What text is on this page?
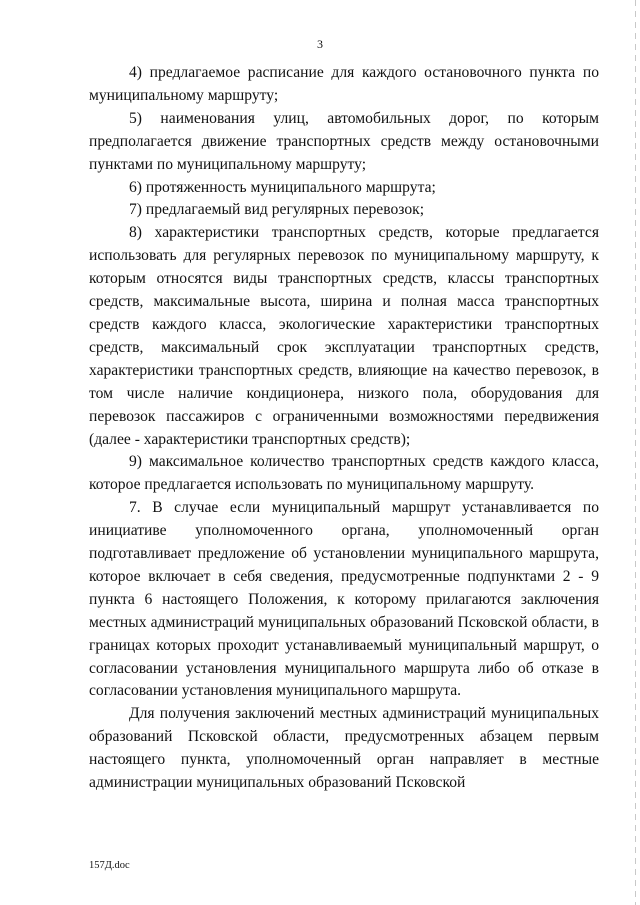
3

4) предлагаемое расписание для каждого остановочного пункта по муниципальному маршруту;

5) наименования улиц, автомобильных дорог, по которым предполагается движение транспортных средств между остановочными пунктами по муниципальному маршруту;

6) протяженность муниципального маршрута;

7) предлагаемый вид регулярных перевозок;

8) характеристики транспортных средств, которые предлагается использовать для регулярных перевозок по муниципальному маршруту, к которым относятся виды транспортных средств, классы транспортных средств, максимальные высота, ширина и полная масса транспортных средств каждого класса, экологические характеристики транспортных средств, максимальный срок эксплуатации транспортных средств, характеристики транспортных средств, влияющие на качество перевозок, в том числе наличие кондиционера, низкого пола, оборудования для перевозок пассажиров с ограниченными возможностями передвижения (далее - характеристики транспортных средств);

9) максимальное количество транспортных средств каждого класса, которое предлагается использовать по муниципальному маршруту.

7. В случае если муниципальный маршрут устанавливается по инициативе уполномоченного органа, уполномоченный орган подготавливает предложение об установлении муниципального маршрута, которое включает в себя сведения, предусмотренные подпунктами 2 - 9 пункта 6 настоящего Положения, к которому прилагаются заключения местных администраций муниципальных образований Псковской области, в границах которых проходит устанавливаемый муниципальный маршрут, о согласовании установления муниципального маршрута либо об отказе в согласовании установления муниципального маршрута.

Для получения заключений местных администраций муниципальных образований Псковской области, предусмотренных абзацем первым настоящего пункта, уполномоченный орган направляет в местные администрации муниципальных образований Псковской

157Д.doc
